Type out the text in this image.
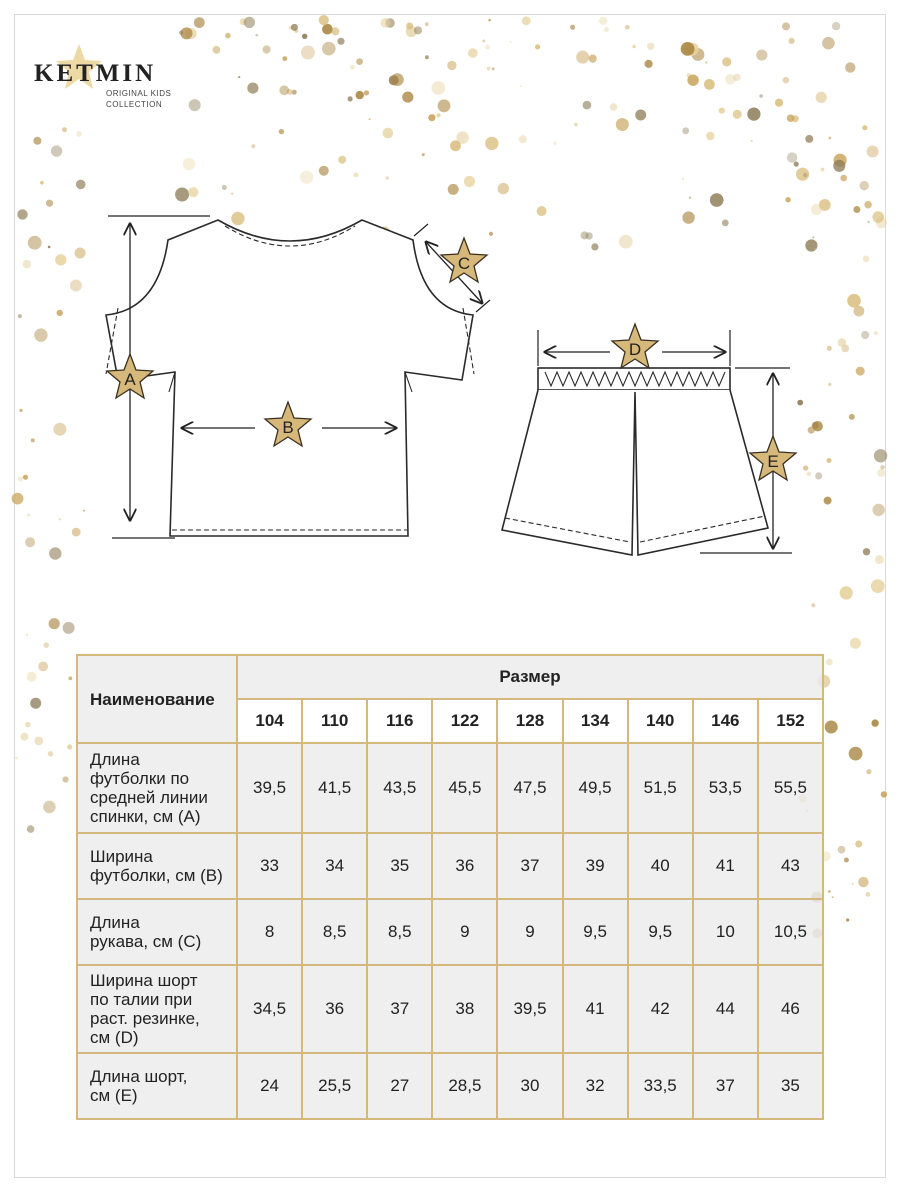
KETMIN
ORIGINAL KIDS
COLLECTION
A
B
C
D
E
Наименование	Размер								
	104	110	116	122	128	134	140	146	152

Длина
футболки по
средней линии
спинки, см (А)	39,5	41,5	43,5	45,5	47,5	49,5	51,5	53,5	55,5

Ширина
футболки, см (B)	33	34	35	36	37	39	40	41	43

Длина
рукава, см (C)	8	8,5	8,5	9	9	9,5	9,5	10	10,5

Ширина шорт
по талии при
раст. резинке,
см (D)	34,5	36	37	38	39,5	41	42	44	46

Длина шорт,
см (E)	24	25,5	27	28,5	30	32	33,5	37	35
